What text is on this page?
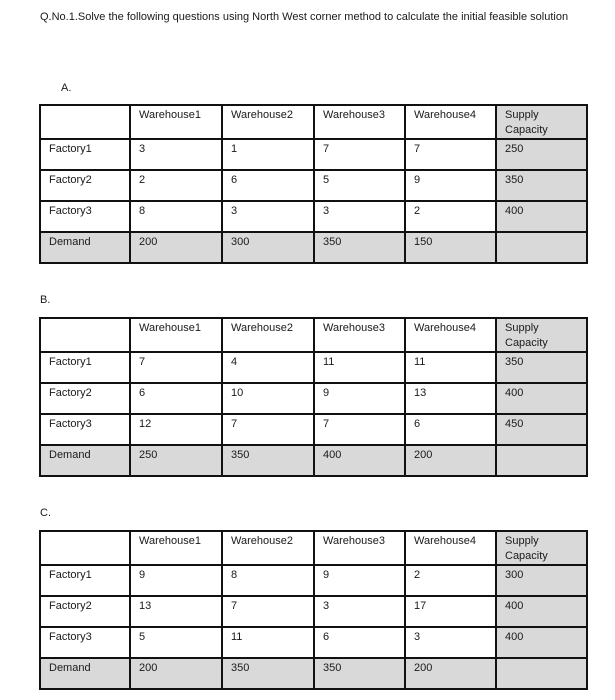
Q.No.1.Solve the following questions using North West corner method to calculate the initial feasible solution
A.
	Warehouse1	Warehouse2	Warehouse3	Warehouse4	Supply Capacity
Factory1	3	1	7	7	250
Factory2	2	6	5	9	350
Factory3	8	3	3	2	400
Demand	200	300	350	150	
B.
	Warehouse1	Warehouse2	Warehouse3	Warehouse4	Supply Capacity
Factory1	7	4	11	11	350
Factory2	6	10	9	13	400
Factory3	12	7	7	6	450
Demand	250	350	400	200	
C.
	Warehouse1	Warehouse2	Warehouse3	Warehouse4	Supply Capacity
Factory1	9	8	9	2	300
Factory2	13	7	3	17	400
Factory3	5	11	6	3	400
Demand	200	350	350	200	
